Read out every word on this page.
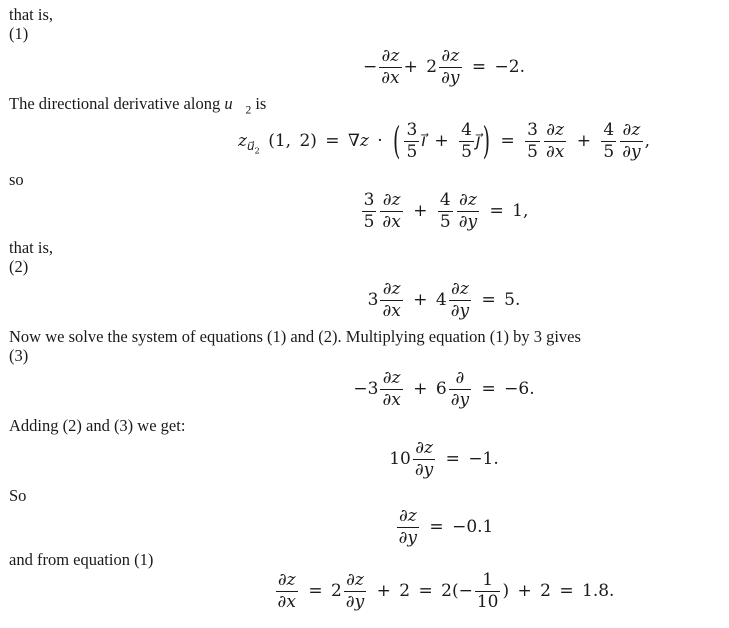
that is,

(1)

− $\frac{\partial z}{\partial x} + 2 \frac{\partial z}{\partial y} = -2$.

The directional derivative along $u⃗_2$ is

$z_{u⃗_2}$ (1, 2) = ∇z · ( $\frac{3}{5}$ i⃗ + $\frac{4}{5}$ j⃗ ) = $\frac{3}{5} \frac{\partial z}{\partial x} + \frac{4}{5} \frac{\partial z}{\partial y}$ ,

so

$\frac{3}{5} \frac{\partial z}{\partial x} + \frac{4}{5} \frac{\partial z}{\partial y} = 1$,

that is,

(2)

$3 \frac{\partial z}{\partial x} + 4 \frac{\partial z}{\partial y} = 5$.

Now we solve the system of equations (1) and (2). Multiplying equation (1) by 3 gives

(3)

$-3 \frac{\partial z}{\partial x} + 6 \frac{\partial}{\partial y} = -6$.

Adding (2) and (3) we get:

$10 \frac{\partial z}{\partial y} = -1$.

So

$\frac{\partial z}{\partial y} = -0.1$

and from equation (1)

$\frac{\partial z}{\partial x} = 2 \frac{\partial z}{\partial y} + 2 = 2(- \frac{1}{10}$ ) + 2 = 1.8.
